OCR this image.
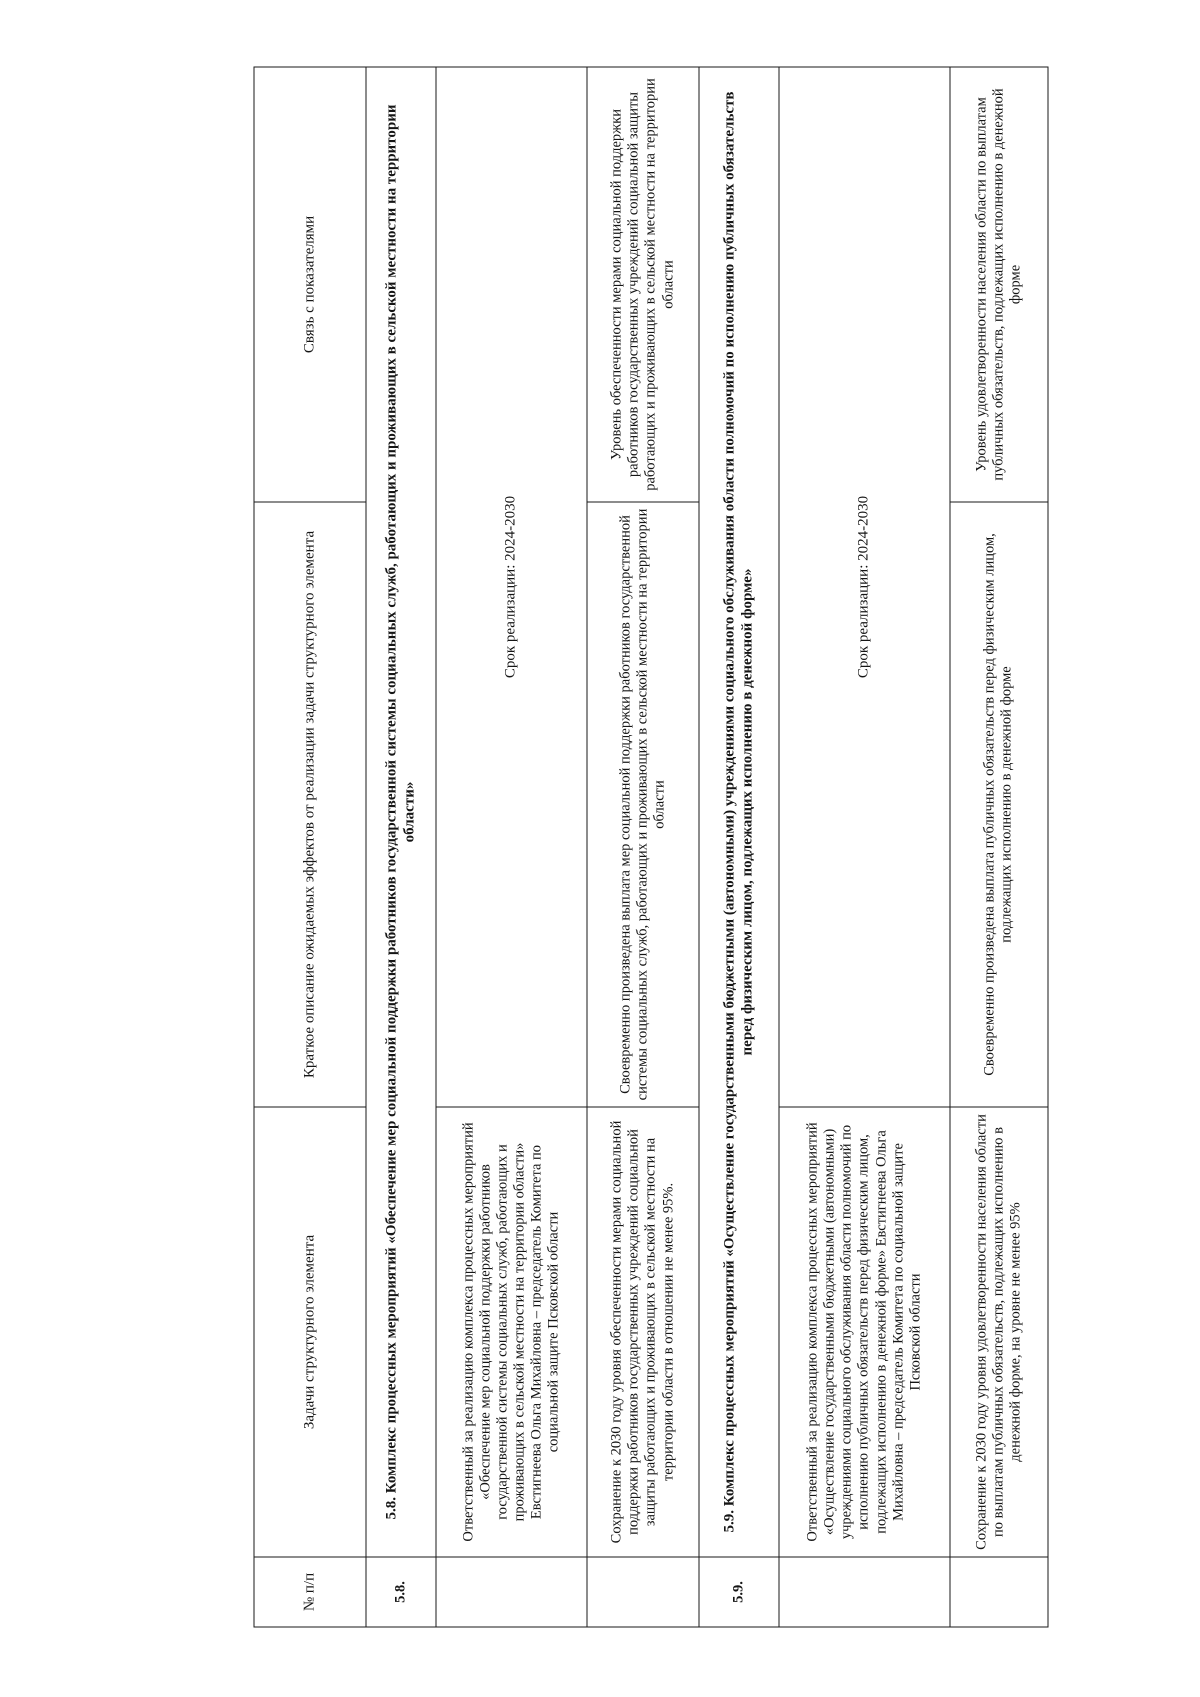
№ п/п	Задачи структурного элемента	Краткое описание ожидаемых эффектов от реализации задачи структурного элемента	Связь с показателями
5.8.	5.8. Комплекс процессных мероприятий «Обеспечение мер социальной поддержки работников государственной системы социальных служб, работающих и проживающих в сельской местности на территории области»		
	Ответственный за реализацию комплекса процессных мероприятий «Обеспечение мер социальной поддержки работников государственной системы социальных служб, работающих и проживающих в сельской местности на территории области» Евстигнеева Ольга Михайловна – председатель Комитета по социальной защите Псковской области	Срок реализации: 2024-2030	
	Сохранение к 2030 году уровня обеспеченности мерами социальной поддержки работников государственных учреждений социальной защиты работающих и проживающих в сельской местности на территории области в отношении не менее 95%.	Своевременно произведена выплата мер социальной поддержки работников государственной системы социальных служб, работающих и проживающих в сельской местности на территории области	Уровень обеспеченности мерами социальной поддержки работников государственных учреждений социальной защиты работающих и проживающих в сельской местности на территории области
5.9.	5.9. Комплекс процессных мероприятий «Осуществление государственными бюджетными (автономными) учреждениями социального обслуживания области полномочий по исполнению публичных обязательств перед физическим лицом, подлежащих исполнению в денежной форме»		
	Ответственный за реализацию комплекса процессных мероприятий «Осуществление государственными бюджетными (автономными) учреждениями социального обслуживания области полномочий по исполнению публичных обязательств перед физическим лицом, подлежащих исполнению в денежной форме» Евстигнеева Ольга Михайловна – председатель Комитета по социальной защите Псковской области	Срок реализации: 2024-2030	
	Сохранение к 2030 году уровня удовлетворенности населения области по выплатам публичных обязательств, подлежащих исполнению в денежной форме, на уровне не менее 95%	Своевременно произведена выплата публичных обязательств перед физическим лицом, подлежащих исполнению в денежной форме	Уровень удовлетворенности населения области по выплатам публичных обязательств, подлежащих исполнению в денежной форме
